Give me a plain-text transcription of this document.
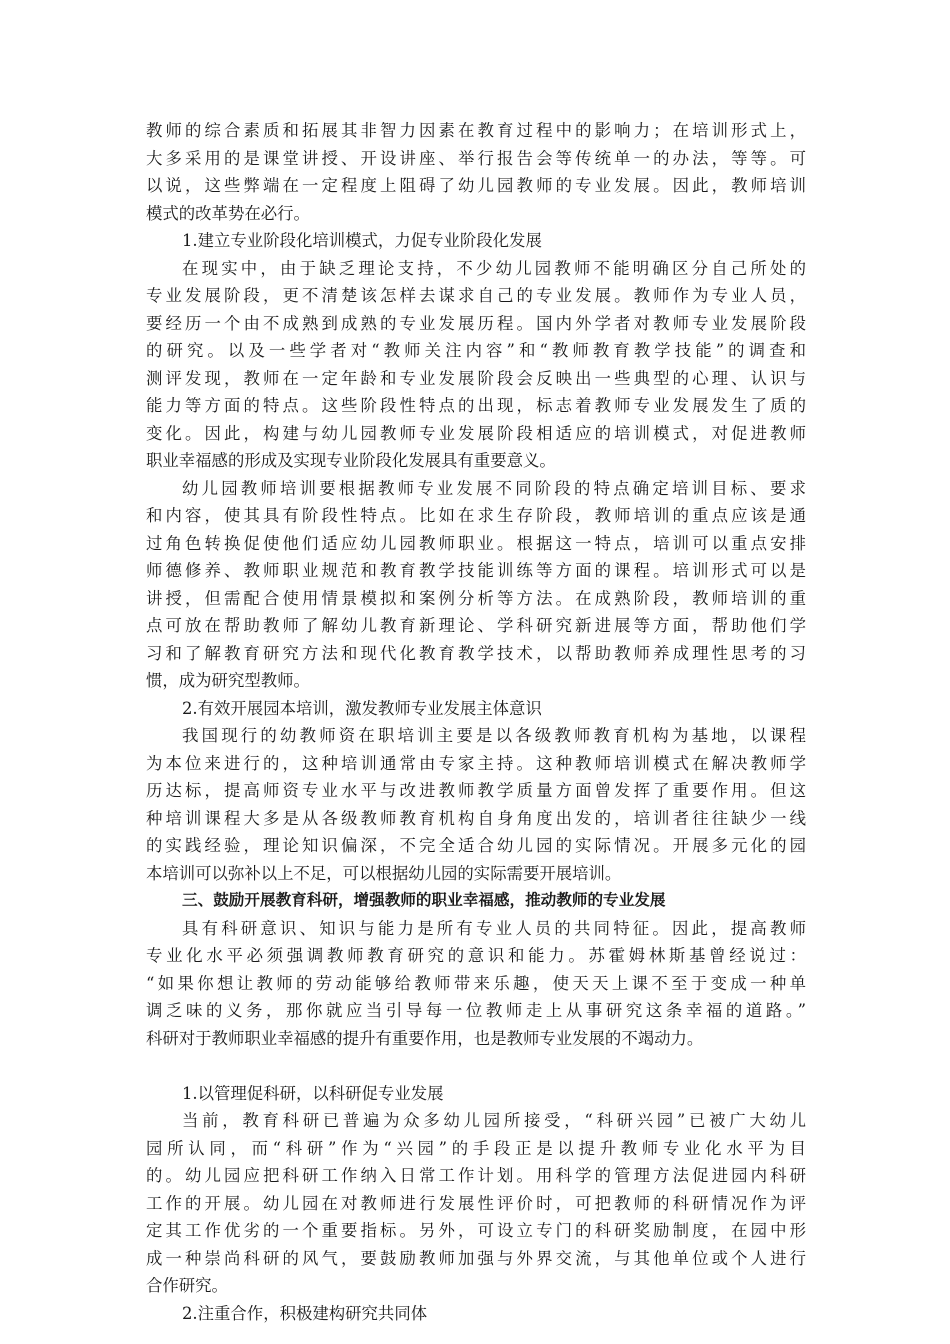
教师的综合素质和拓展其非智力因素在教育过程中的影响力；在培训形式上，
大多采用的是课堂讲授、开设讲座、举行报告会等传统单一的办法，等等。可
以说，这些弊端在一定程度上阻碍了幼儿园教师的专业发展。因此，教师培训
模式的改革势在必行。
1.建立专业阶段化培训模式，力促专业阶段化发展
在现实中，由于缺乏理论支持，不少幼儿园教师不能明确区分自己所处的
专业发展阶段，更不清楚该怎样去谋求自己的专业发展。教师作为专业人员，
要经历一个由不成熟到成熟的专业发展历程。国内外学者对教师专业发展阶段
的研究。以及一些学者对“教师关注内容”和“教师教育教学技能”的调查和
测评发现，教师在一定年龄和专业发展阶段会反映出一些典型的心理、认识与
能力等方面的特点。这些阶段性特点的出现，标志着教师专业发展发生了质的
变化。因此，构建与幼儿园教师专业发展阶段相适应的培训模式，对促进教师
职业幸福感的形成及实现专业阶段化发展具有重要意义。
幼儿园教师培训要根据教师专业发展不同阶段的特点确定培训目标、要求
和内容，使其具有阶段性特点。比如在求生存阶段，教师培训的重点应该是通
过角色转换促使他们适应幼儿园教师职业。根据这一特点，培训可以重点安排
师德修养、教师职业规范和教育教学技能训练等方面的课程。培训形式可以是
讲授，但需配合使用情景模拟和案例分析等方法。在成熟阶段，教师培训的重
点可放在帮助教师了解幼儿教育新理论、学科研究新进展等方面，帮助他们学
习和了解教育研究方法和现代化教育教学技术，以帮助教师养成理性思考的习
惯，成为研究型教师。
2.有效开展园本培训，激发教师专业发展主体意识
我国现行的幼教师资在职培训主要是以各级教师教育机构为基地，以课程
为本位来进行的，这种培训通常由专家主持。这种教师培训模式在解决教师学
历达标，提高师资专业水平与改进教师教学质量方面曾发挥了重要作用。但这
种培训课程大多是从各级教师教育机构自身角度出发的，培训者往往缺少一线
的实践经验，理论知识偏深，不完全适合幼儿园的实际情况。开展多元化的园
本培训可以弥补以上不足，可以根据幼儿园的实际需要开展培训。
三、鼓励开展教育科研，增强教师的职业幸福感，推动教师的专业发展
具有科研意识、知识与能力是所有专业人员的共同特征。因此，提高教师
专业化水平必须强调教师教育研究的意识和能力。苏霍姆林斯基曾经说过：
“如果你想让教师的劳动能够给教师带来乐趣，使天天上课不至于变成一种单
调乏味的义务，那你就应当引导每一位教师走上从事研究这条幸福的道路。”
科研对于教师职业幸福感的提升有重要作用，也是教师专业发展的不竭动力。
1.以管理促科研，以科研促专业发展
当前，教育科研已普遍为众多幼儿园所接受，“科研兴园”已被广大幼儿
园所认同，而“科研”作为“兴园”的手段正是以提升教师专业化水平为目
的。幼儿园应把科研工作纳入日常工作计划。用科学的管理方法促进园内科研
工作的开展。幼儿园在对教师进行发展性评价时，可把教师的科研情况作为评
定其工作优劣的一个重要指标。另外，可设立专门的科研奖励制度，在园中形
成一种崇尚科研的风气，要鼓励教师加强与外界交流，与其他单位或个人进行
合作研究。
2.注重合作，积极建构研究共同体
